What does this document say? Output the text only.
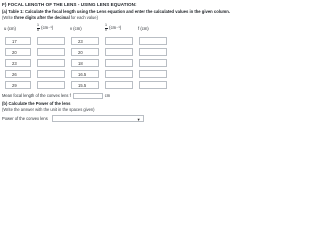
F) FOCAL LENGTH OF THE LENS - USING LENS EQUATION:
(a) Table 1: Calculate the focal length using the Lens equation and enter the calculated values in the given column.
(Write three digits after the decimal for each value)
u (cm)	$\frac{1}{u} (cm^{-1})$	v (cm)	$\frac{1}{v} (cm^{-1})$	f (cm)

17		23		

20		20		

23		18		

26		16.5		

29		15.5		

Mean focal length of the convex lens f	cm
(b) Calculate the Power of the lens
(Write the answer with the unit in the spaces given)
Power of the convex lens	▾
